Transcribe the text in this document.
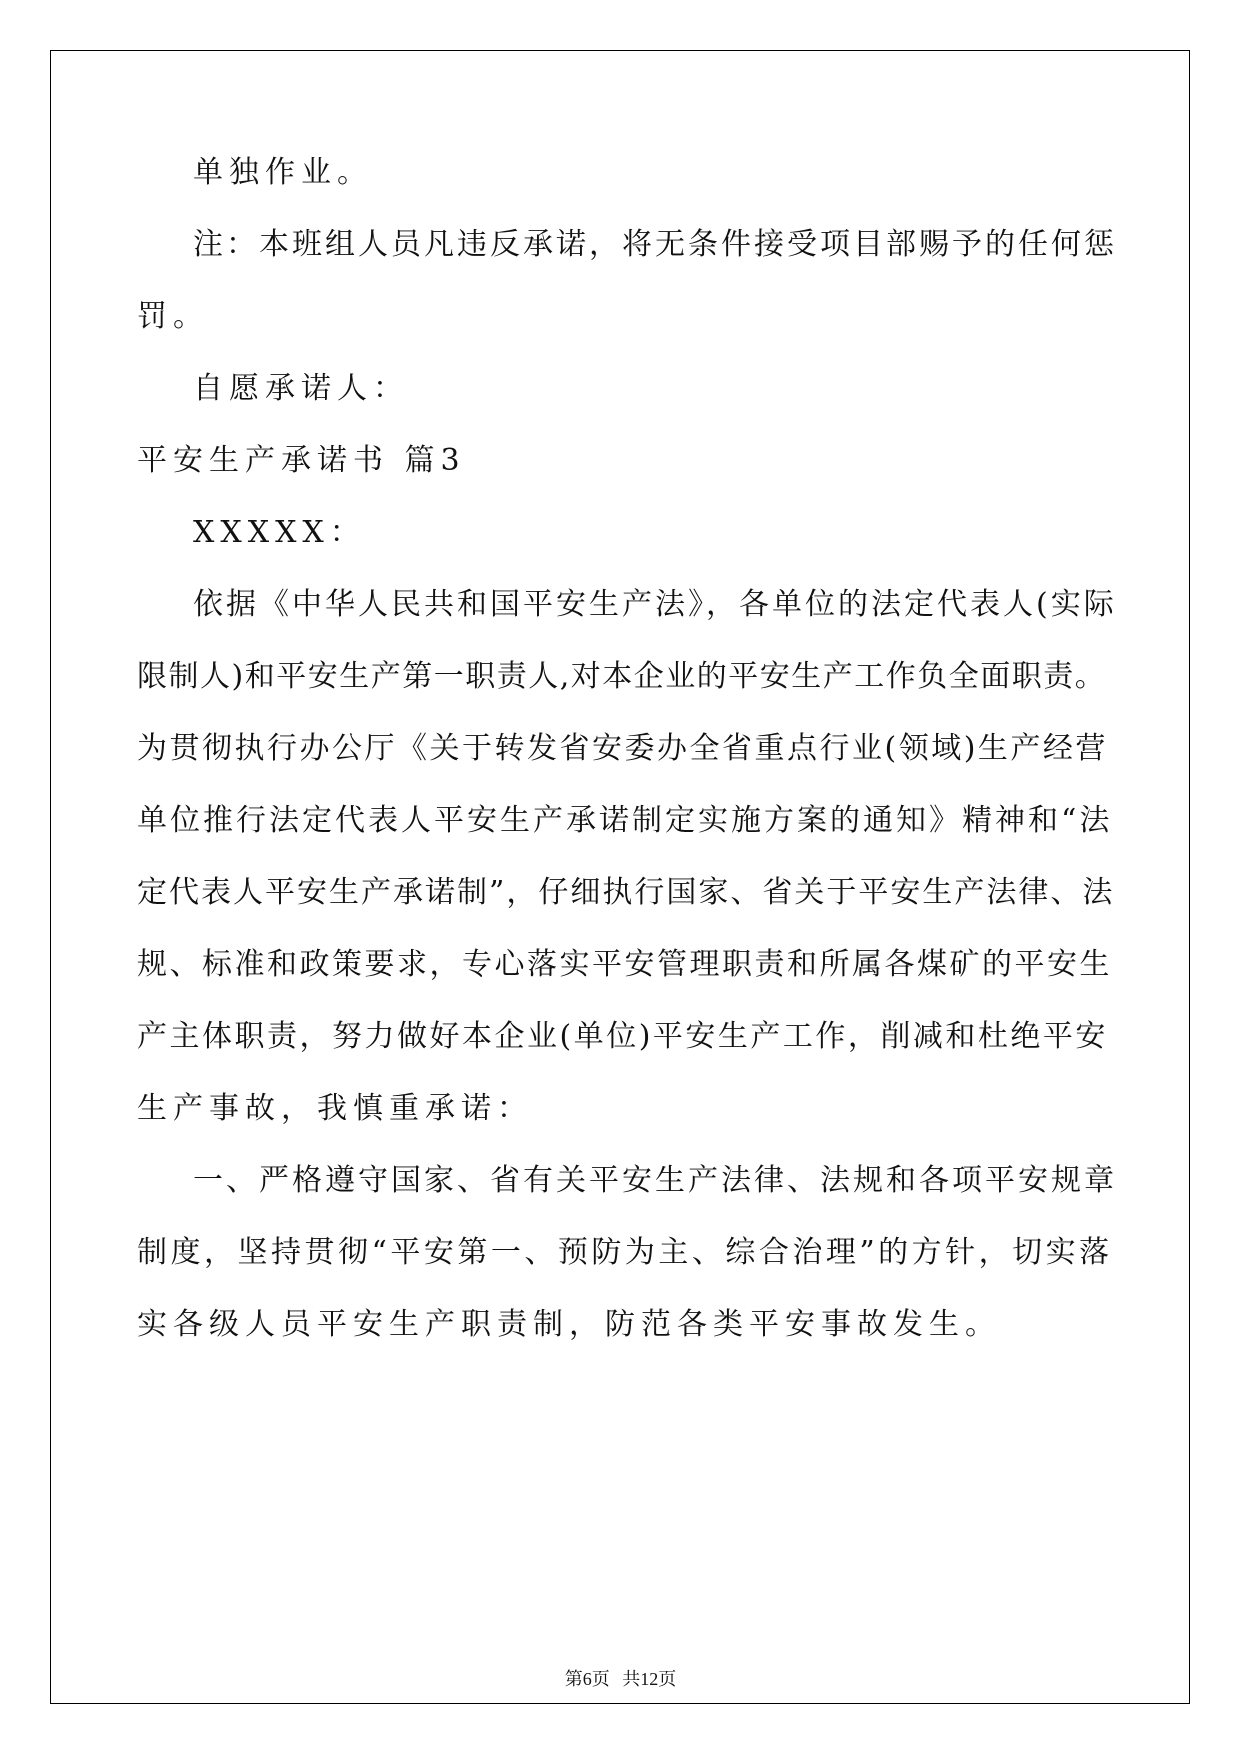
单独作业。
注：本班组人员凡违反承诺，将无条件接受项目部赐予的任何惩
罚。
自愿承诺人：
平安生产承诺书 篇3
XXXXX：
依据《中华人民共和国平安生产法》，各单位的法定代表人(实际
限制人)和平安生产第一职责人,对本企业的平安生产工作负全面职责。
为贯彻执行办公厅《关于转发省安委办全省重点行业(领域)生产经营
单位推行法定代表人平安生产承诺制定实施方案的通知》精神和“法
定代表人平安生产承诺制”，仔细执行国家、省关于平安生产法律、法
规、标准和政策要求，专心落实平安管理职责和所属各煤矿的平安生
产主体职责，努力做好本企业(单位)平安生产工作，削减和杜绝平安
生产事故，我慎重承诺：
一、严格遵守国家、省有关平安生产法律、法规和各项平安规章
制度，坚持贯彻“平安第一、预防为主、综合治理”的方针，切实落
实各级人员平安生产职责制，防范各类平安事故发生。
第6页 共12页
